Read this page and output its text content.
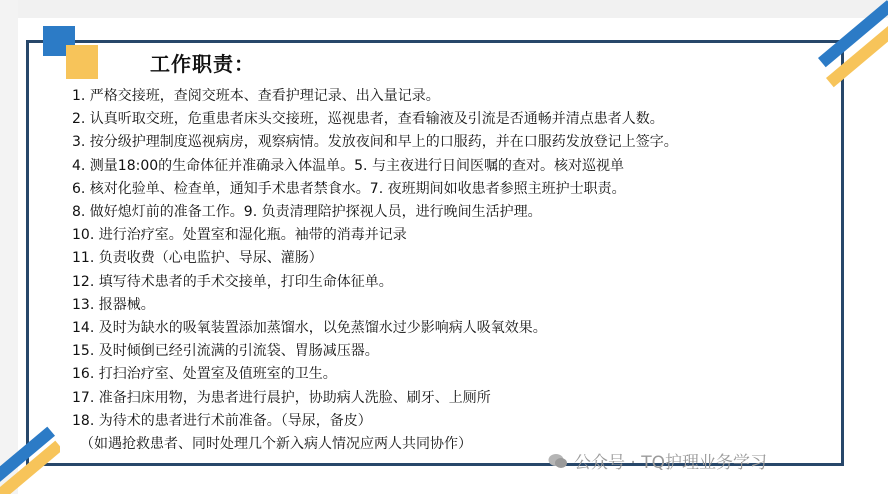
工作职责：
1. 严格交接班，查阅交班本、查看护理记录、出入量记录。
2. 认真听取交班，危重患者床头交接班，巡视患者，查看输液及引流是否通畅并清点患者人数。
3. 按分级护理制度巡视病房，观察病情。发放夜间和早上的口服药，并在口服药发放登记上签字。
4. 测量18:00的生命体征并准确录入体温单。5. 与主夜进行日间医嘱的查对。核对巡视单
6. 核对化验单、检查单，通知手术患者禁食水。7. 夜班期间如收患者参照主班护士职责。
8. 做好熄灯前的准备工作。9. 负责清理陪护探视人员，进行晚间生活护理。
10. 进行治疗室。处置室和湿化瓶。袖带的消毒并记录
11. 负责收费（心电监护、导尿、灌肠）
12. 填写待术患者的手术交接单，打印生命体征单。
13. 报器械。
14. 及时为缺水的吸氧装置添加蒸馏水，以免蒸馏水过少影响病人吸氧效果。
15. 及时倾倒已经引流满的引流袋、胃肠减压器。
16. 打扫治疗室、处置室及值班室的卫生。
17. 准备扫床用物，为患者进行晨护，协助病人洗脸、刷牙、上厕所
18. 为待术的患者进行术前准备。（导尿，备皮）
（如遇抢救患者、同时处理几个新入病人情况应两人共同协作）
公众号 · TQ护理业务学习
